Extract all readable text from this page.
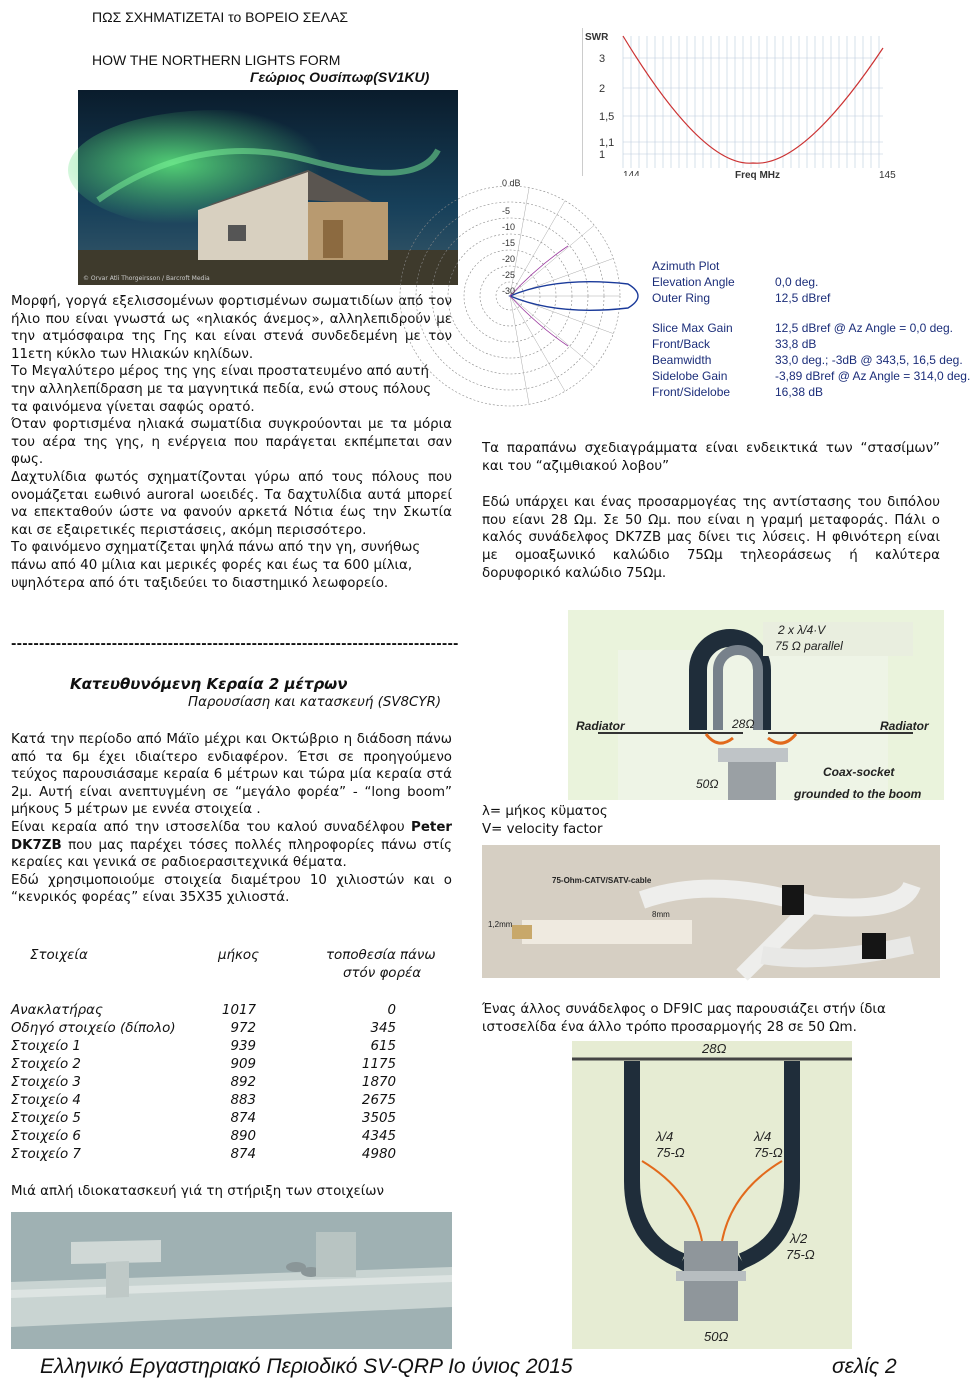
ΠΩΣ ΣΧΗΜΑΤΙΖΕΤΑΙ το ΒΟΡΕΙΟ ΣΕΛΑΣ
HOW THE NORTHERN LIGHTS FORM
Γεώριος Ουσίπωφ(SV1KU)
© Orvar Atli Thorgeirsson / Barcroft Media

Μορφή, γοργά εξελισσομένων φορτισμένων σωματιδίων από τον ήλιο που είναι γνωστά ως «ηλιακός άνεμος», αλληλεπιδρούν με την ατμόσφαιρα της Γης και είναι στενά συνδεδεμένη με τον 11ετη κύκλο των Ηλιακών κηλίδων.

Το Μεγαλύτερο μέρος της γης είναι προστατευμένο από αυτή την αλληλεπίδραση με τα μαγνητικά πεδία, ενώ στους πόλους τα φαινόμενα γίνεται σαφώς ορατό.

Όταν φορτισμένα ηλιακά σωματίδια συγκρούονται με τα μόρια του αέρα της γης, η ενέργεια που παράγεται εκπέμπεται σαν φως.

Δαχτυλίδια φωτός σχηματίζονται γύρω από τους πόλους που ονομάζεται εωθινό auroral ωοειδές. Τα δαχτυλίδια αυτά μπορεί να επεκταθούν ώστε να φανούν αρκετά Νότια έως την Σκωτία και σε εξαιρετικές περιστάσεις, ακόμη περισσότερο.

Το φαινόμενο σχηματίζεται ψηλά πάνω από την γη, συνήθως πάνω από 40 μίλια και μερικές φορές και έως τα 600 μίλια, υψηλότερα από ότι ταξιδεύει το διαστημικό λεωφορείο.

--------------------------------------------------------------------------------
Κατευθυνόμενη Κεραία 2 μέτρων
Παρουσίαση και κατασκευή (SV8CYR)

Κατά την περίοδο από Μάϊο μέχρι και Οκτώβριο η διάδοση πάνω από τα 6μ έχει ιδιαίτερο ενδιαφέρον. Έτσι σε προηγούμενο τεύχος παρουσιάσαμε κεραία 6 μέτρων και τώρα μία κεραία στά 2μ. Αυτή είναι ανεπτυγμένη σε “μεγάλο φορέα” - “long boom” μήκους 5 μέτρων με εννέα στοιχεία .

Είναι κεραία από την ιστοσελίδα του καλού συναδέλφου Peter DK7ZB που μας παρέχει τόσες πολλές πληροφορίες πάνω στίς κεραίες και γενικά σε ραδιοερασιτεχνικά θέματα.

Εδώ χρησιμοποιούμε στοιχεία διαμέτρου 10 χιλιοστών και ο “κενρικός φορέας” είναι 35Χ35 χιλιοστά.

Στοιχεία	μήκος	τοποθεσία πάνω
στόν φορέα
Ανακλατήρας	1017	0
Οδηγό στοιχείο (δίπολο)	972	345
Στοιχείο 1	939	615
Στοιχείο 2	909	1175
Στοιχείο 3	892	1870
Στοιχείο 4	883	2675
Στοιχείο 5	874	3505
Στοιχείο 6	890	4345
Στοιχείο 7	874	4980
Μιά απλή ιδιοκατασκευή γιά τη στήριξη των στοιχείων
SWR
3
2
1,5
1,1
1
Freq MHz	145
0 dB
-5
-10
-15
-20
-25
-30
Azimuth Plot
Elevation Angle	0,0 deg.
Outer Ring	12,5 dBref
Slice Max Gain	12,5 dBref @ Az Angle = 0,0 deg.
Front/Back	33,8 dB
Beamwidth	33,0 deg.; -3dB @ 343,5, 16,5 deg.
Sidelobe Gain	-3,89 dBref @ Az Angle = 314,0 deg.
Front/Sidelobe	16,38 dB

Τα παραπάνω σχεδιαγράμματα είναι ενδεικτικά των “στασίμων” και του “αζιμθιακού λοβου”

Εδώ υπάρχει και ένας προσαρμογέας της αντίστασης του διπόλου που είανι 28 Ωμ. Σε 50 Ωμ. που είναι η γραμή μεταφοράς. Πάλι ο καλός συνάδελφος DK7ZB μας δίνει τις λύσεις. Η φθινότερη είναι με ομοαξωνικό καλώδιο 75Ωμ τηλεοράσεως ή καλύτερα δορυφορικό καλώδιο 75Ωμ.

2 x λ/4·V
75 Ω parallel
Radiator	Radiator
28Ω
50Ω
Coax-socket
grounded to the boom
λ= μήκος κϋματος
V= velocity factor
75-Ohm-CATV/SATV-cable
8mm
1,2mm
Ένας άλλος συνάδελφος ο DF9IC μας παρουσιάζει στήν ίδια ιστοσελίδα ένα άλλο τρόπο προσαρμογής 28 σε 50 Ωm.
28Ω
λ/4
75-Ω
λ/4
75-Ω
λ/2
75-Ω
50Ω
Ελληνικό Εργαστηριακό Περιοδικό SV-QRP Ιο ύνιος 2015	σελίς 2
